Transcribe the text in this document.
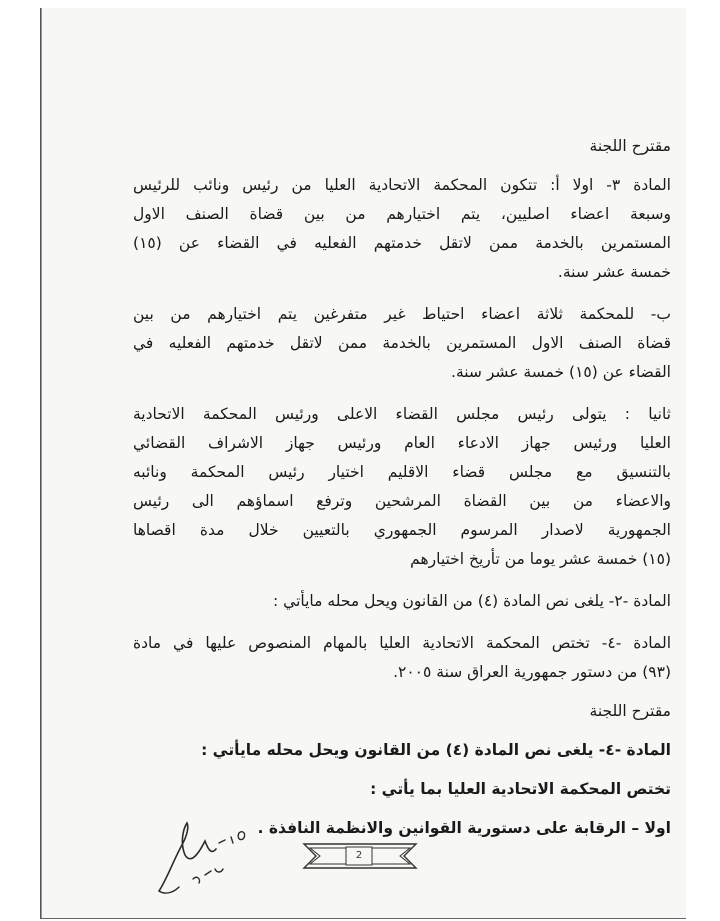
مقترح اللجنة
المادة ٣- اولا أ: تتكون المحكمة الاتحادية العليا من رئيس ونائب للرئيس
وسبعة اعضاء اصليين، يتم اختيارهم من بين قضاة الصنف الاول
المستمرين بالخدمة ممن لاتقل خدمتهم الفعليه في القضاء عن (١٥)
خمسة عشر سنة.
ب- للمحكمة ثلاثة اعضاء احتياط غير متفرغين يتم اختيارهم من بين
قضاة الصنف الاول المستمرين بالخدمة ممن لاتقل خدمتهم الفعليه في
القضاء عن (١٥) خمسة عشر سنة.
ثانيا : يتولى رئيس مجلس القضاء الاعلى ورئيس المحكمة الاتحادية
العليا ورئيس جهاز الادعاء العام ورئيس جهاز الاشراف القضائي
بالتنسيق مع مجلس قضاء الاقليم اختيار رئيس المحكمة ونائبه
والاعضاء من بين القضاة المرشحين وترفع اسماؤهم الى رئيس
الجمهورية لاصدار المرسوم الجمهوري بالتعيين خلال مدة اقصاها
(١٥) خمسة عشر يوما من تأريخ اختيارهم
المادة -٢- يلغى نص المادة (٤) من القانون ويحل محله مايأتي :
المادة -٤- تختص المحكمة الاتحادية العليا بالمهام المنصوص عليها في مادة
(٩٣) من دستور جمهورية العراق سنة ٢٠٠٥.
مقترح اللجنة
المادة -٤- يلغى نص المادة (٤) من القانون ويحل محله مايأتي :
تختص المحكمة الاتحادية العليا بما يأتي :
اولا – الرقابة على دستورية القوانين والانظمة النافذة .
2
